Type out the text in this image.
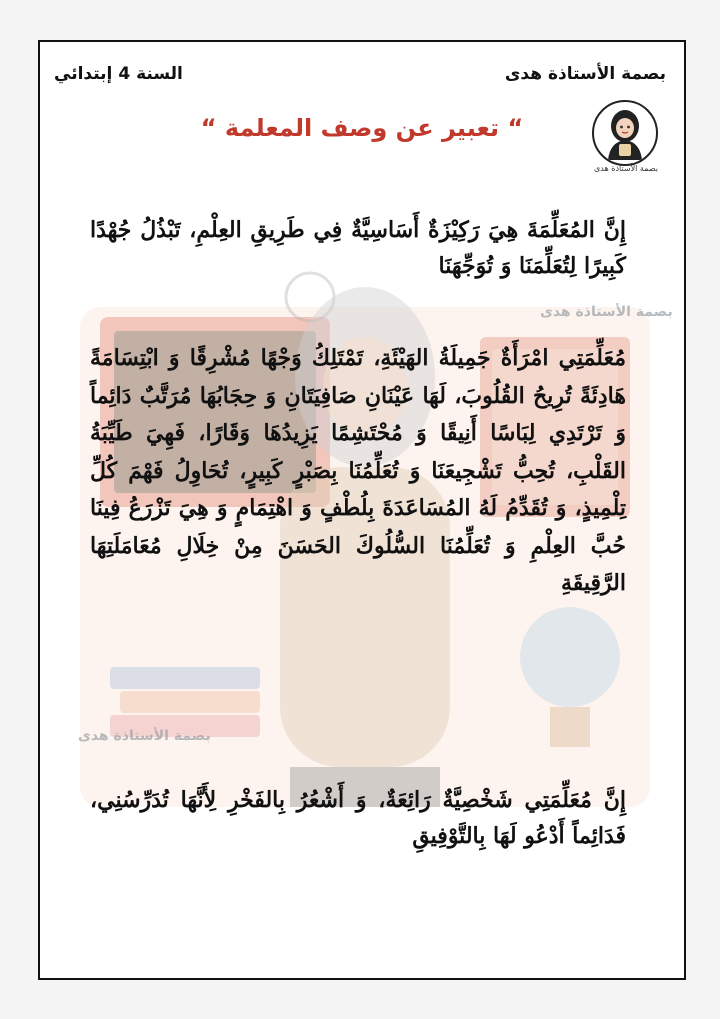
بصمة الأستاذة هدى
بصمة الأستاذة هدى
بصمة الأستاذة هدى
السنة 4 إبتدائي
بصمة الأستاذة هدى
“ تعبير عن وصف المعلمة “
إِنَّ المُعَلِّمَةَ هِيَ رَكِيْزَةٌ أَسَاسِيَّةٌ فِي طَرِيقِ العِلْمِ، تَبْذُلُ جُهْدًا كَبِيرًا لِتُعَلِّمَنَا وَ تُوَجِّهَنَا
مُعَلِّمَتِي امْرَأَةٌ جَمِيلَةُ الهَيْئَةِ، تَمْتَلِكُ وَجْهًا مُشْرِقًا وَ ابْتِسَامَةً هَادِئَةً تُرِيحُ القُلُوبَ، لَهَا عَيْنَانِ صَافِيَتَانِ وَ حِجَابُهَا مُرَتَّبٌ دَائِماً وَ تَرْتَدِي لِبَاسًا أَنِيقًا وَ مُحْتَشِمًا يَزِيدُهَا وَقَارًا، فَهِيَ طَيِّبَةُ القَلْبِ، تُحِبُّ تَشْجِيعَنَا وَ تُعَلِّمُنَا بِصَبْرٍ كَبِيرٍ، تُحَاوِلُ فَهْمَ كُلِّ تِلْمِيذٍ، وَ تُقَدِّمُ لَهُ المُسَاعَدَةَ بِلُطْفٍ وَ اهْتِمَامٍ وَ هِيَ تَزْرَعُ فِينَا حُبَّ العِلْمِ وَ تُعَلِّمُنَا السُّلُوكَ الحَسَنَ مِنْ خِلَالِ مُعَامَلَتِهَا الرَّقِيقَةِ
إِنَّ مُعَلِّمَتِي شَخْصِيَّةٌ رَائِعَةٌ، وَ أَشْعُرُ بِالفَخْرِ لِأَنَّهَا تُدَرِّسُنِي، فَدَائِماً أَدْعُو لَهَا بِالتَّوْفِيقِ
